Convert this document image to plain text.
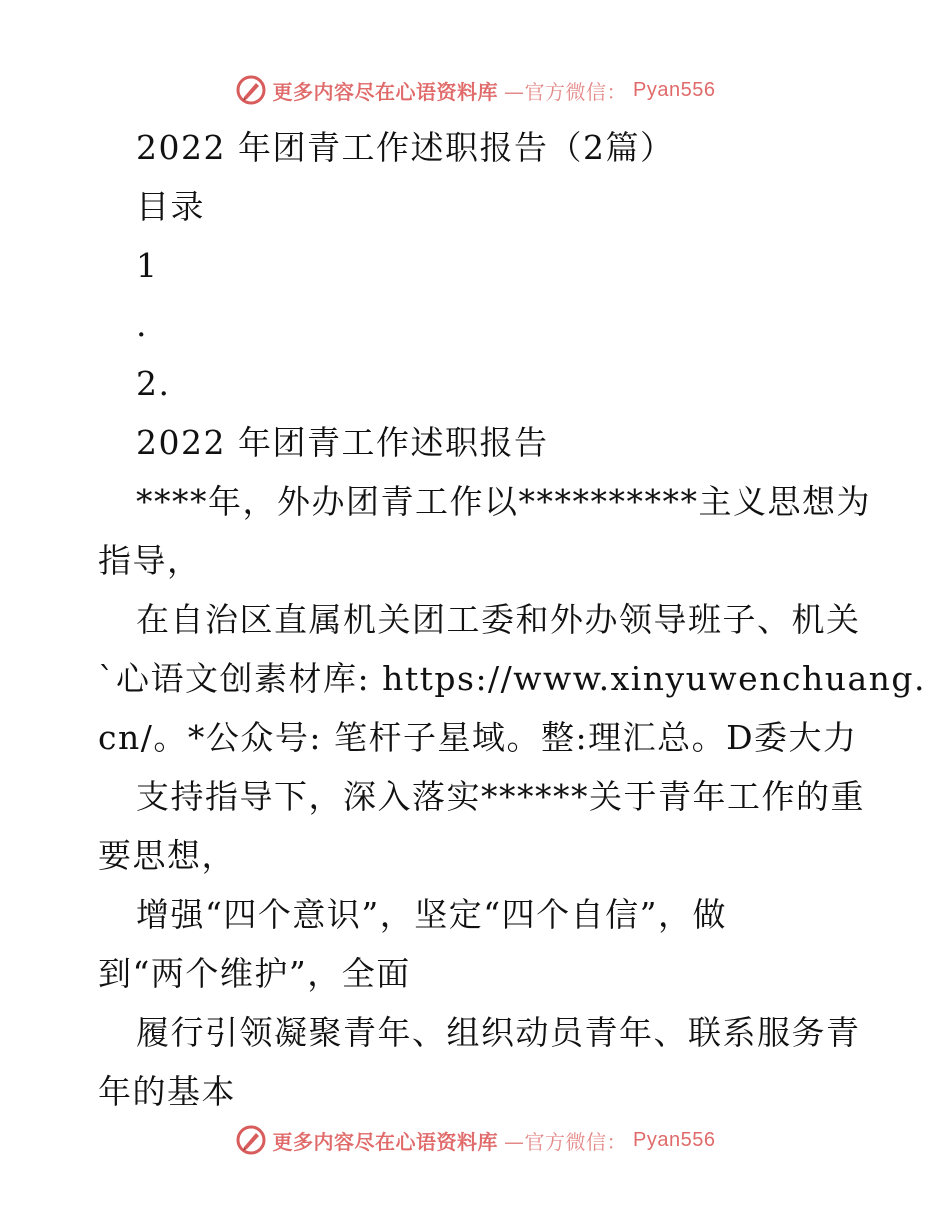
更多内容尽在心语资料库 —官方微信： Pyan556
2022 年团青工作述职报告（2篇）
目录
1
.
2.
2022 年团青工作述职报告
****年，外办团青工作以**********主义思想为
指导，
在自治区直属机关团工委和外办领导班子、机关
ˋ心语文创素材库: https://www.xinyuwenchuang.
cn/。*公众号: 笔杆子星域。整:理汇总。D委大力
支持指导下，深入落实******关于青年工作的重
要思想，
增强“四个意识”，坚定“四个自信”，做
到“两个维护”，全面
履行引领凝聚青年、组织动员青年、联系服务青
年的基本
更多内容尽在心语资料库 —官方微信： Pyan556
